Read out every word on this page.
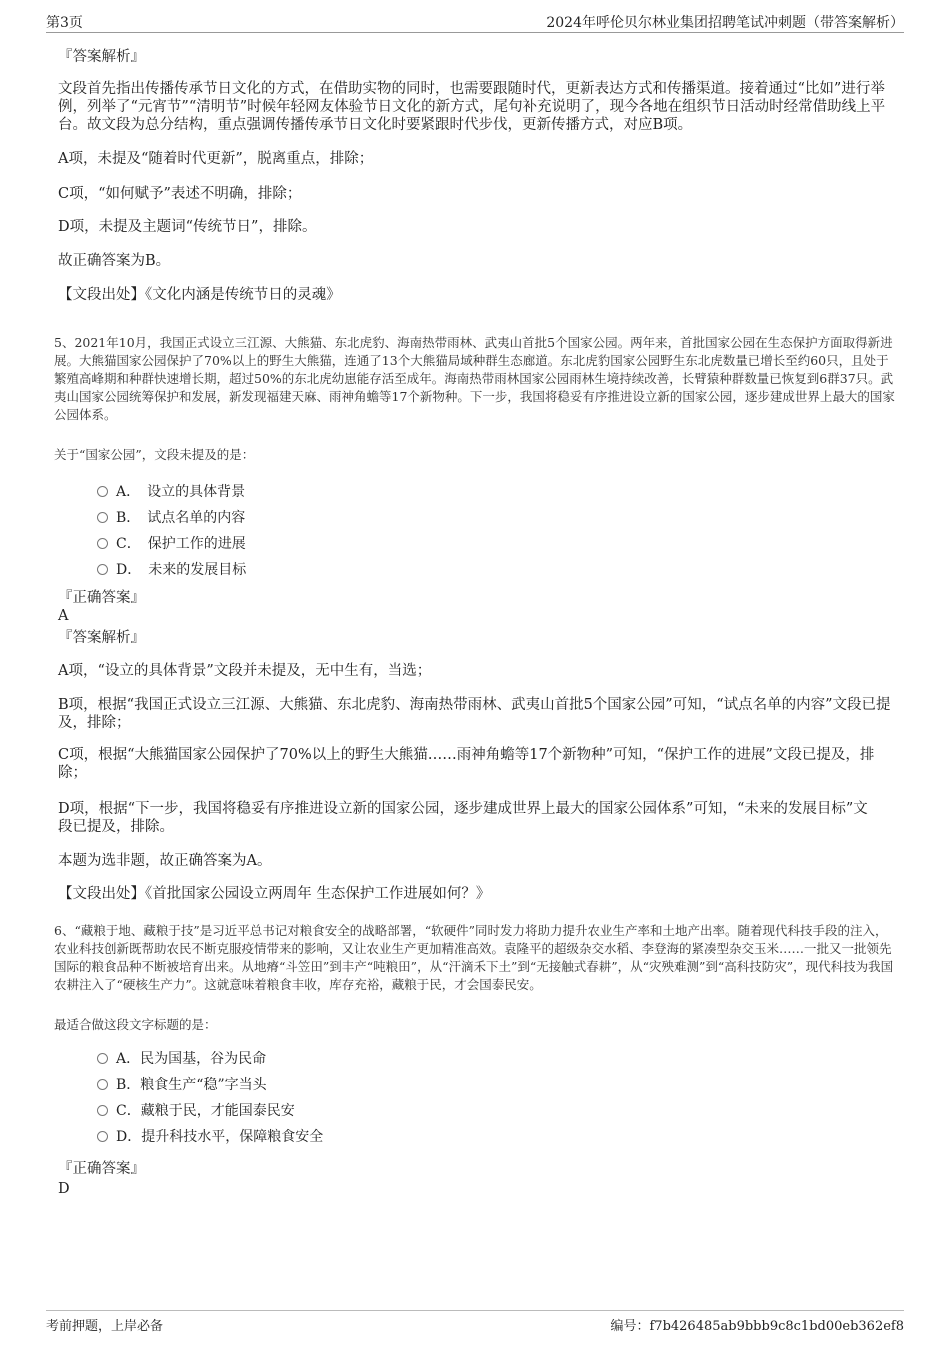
第3页	2024年呼伦贝尔林业集团招聘笔试冲刺题（带答案解析）
『答案解析』
文段首先指出传播传承节日文化的方式，在借助实物的同时，也需要跟随时代，更新表达方式和传播渠道。接着通过“比如”进行举例，列举了“元宵节”“清明节”时候年轻网友体验节日文化的新方式，尾句补充说明了，现今各地在组织节日活动时经常借助线上平台。故文段为总分结构，重点强调传播传承节日文化时要紧跟时代步伐，更新传播方式，对应B项。
A项，未提及“随着时代更新”，脱离重点，排除；
C项，“如何赋予”表述不明确，排除；
D项，未提及主题词“传统节日”，排除。
故正确答案为B。
【文段出处】《文化内涵是传统节日的灵魂》
5、2021年10月，我国正式设立三江源、大熊猫、东北虎豹、海南热带雨林、武夷山首批5个国家公园。两年来，首批国家公园在生态保护方面取得新进展。大熊猫国家公园保护了70%以上的野生大熊猫，连通了13个大熊猫局域种群生态廊道。东北虎豹国家公园野生东北虎数量已增长至约60只，且处于繁殖高峰期和种群快速增长期，超过50%的东北虎幼崽能存活至成年。海南热带雨林国家公园雨林生境持续改善，长臂猿种群数量已恢复到6群37只。武夷山国家公园统筹保护和发展，新发现福建天麻、雨神角蟾等17个新物种。下一步，我国将稳妥有序推进设立新的国家公园，逐步建成世界上最大的国家公园体系。
关于“国家公园”，文段未提及的是：
A．　设立的具体背景
B．　试点名单的内容
C．　保护工作的进展
D．　未来的发展目标
『正确答案』
A
『答案解析』
A项，“设立的具体背景”文段并未提及，无中生有，当选；
B项，根据“我国正式设立三江源、大熊猫、东北虎豹、海南热带雨林、武夷山首批5个国家公园”可知，“试点名单的内容”文段已提及，排除；
C项，根据“大熊猫国家公园保护了70%以上的野生大熊猫……雨神角蟾等17个新物种”可知，“保护工作的进展”文段已提及，排除；
D项，根据“下一步，我国将稳妥有序推进设立新的国家公园，逐步建成世界上最大的国家公园体系”可知，“未来的发展目标”文段已提及，排除。
本题为选非题，故正确答案为A。
【文段出处】《首批国家公园设立两周年 生态保护工作进展如何？》
6、“藏粮于地、藏粮于技”是习近平总书记对粮食安全的战略部署，“软硬件”同时发力将助力提升农业生产率和土地产出率。随着现代科技手段的注入，农业科技创新既帮助农民不断克服疫情带来的影响，又让农业生产更加精准高效。袁隆平的超级杂交水稻、李登海的紧凑型杂交玉米……一批又一批领先国际的粮食品种不断被培育出来。从地瘠“斗笠田”到丰产“吨粮田”，从“汗滴禾下土”到“无接触式春耕”，从“灾殃难测”到“高科技防灾”，现代科技为我国农耕注入了“硬核生产力”。这就意味着粮食丰收，库存充裕，藏粮于民，才会国泰民安。
最适合做这段文字标题的是：
A．民为国基，谷为民命
B．粮食生产“稳”字当头
C．藏粮于民，才能国泰民安
D．提升科技水平，保障粮食安全
『正确答案』
D
考前押题，上岸必备	编号：f7b426485ab9bbb9c8c1bd00eb362ef8
